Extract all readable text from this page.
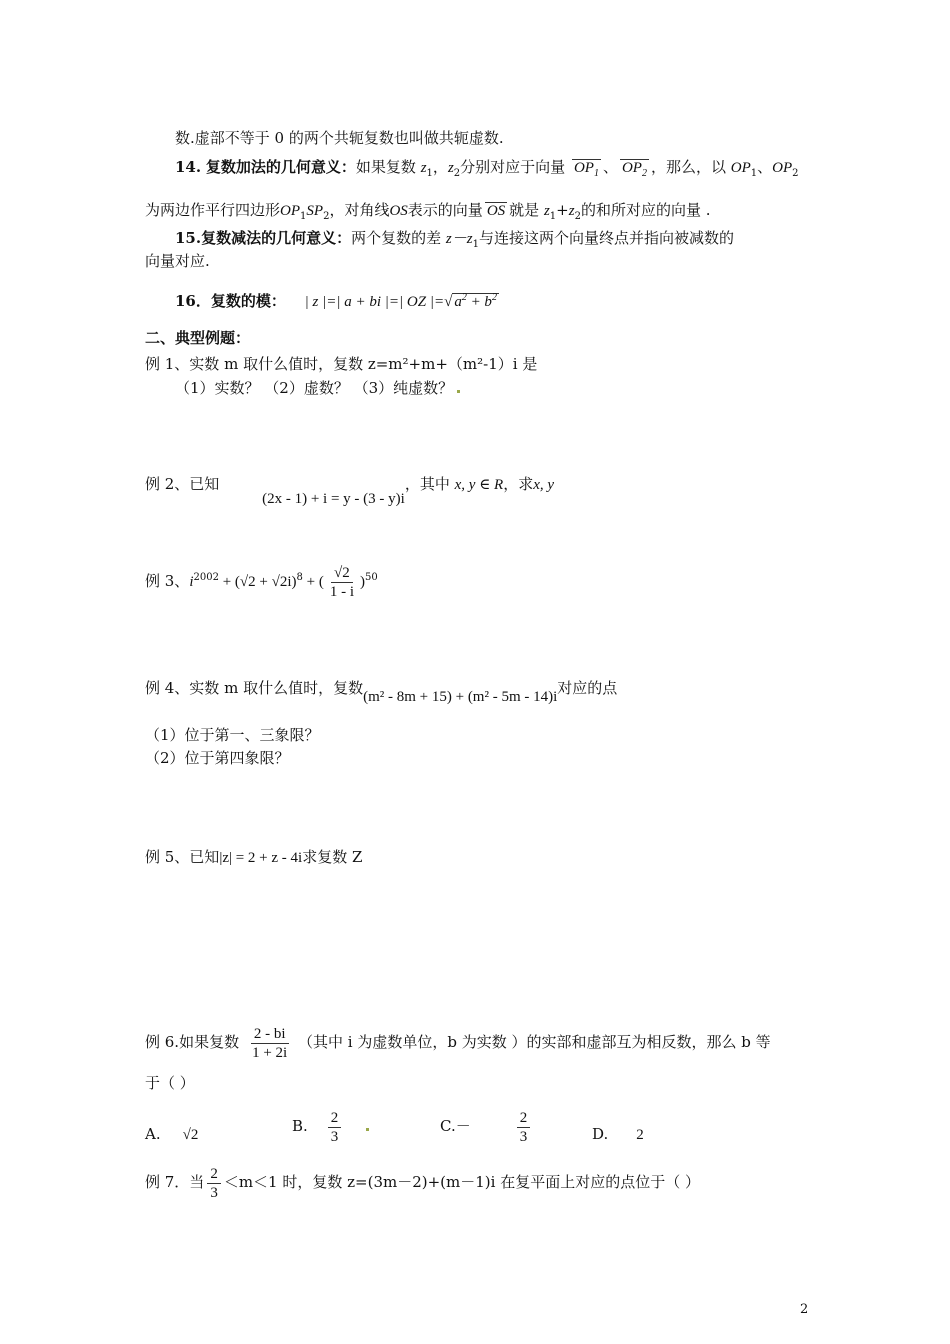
数.虚部不等于 0 的两个共轭复数也叫做共轭虚数.
14. 复数加法的几何意义：如果复数 $z_1$，$z_2$分别对应于向量 $OP_1$ 、 $OP_2$ ，那么，以 $OP_1$、$OP_2$
为两边作平行四边形$OP_1SP_2$，对角线OS表示的向量 OS 就是 $z_1+z_2$的和所对应的向量 .
15.复数减法的几何意义：两个复数的差 $z-z_1$与连接这两个向量终点并指向被减数的
向量对应.
16．复数的模： | z |=| a + bi |=| OZ |=√ $a^2 + b^2$
二、典型例题：
例 1、实数 m 取什么值时，复数 z=m²+m+（m²-1）i 是
（1）实数？ （2）虚数？ （3）纯虚数？
例 2、已知 (2x - 1) + i = y - (3 - y)i，其中 x, y ∈ R，求x, y
例 3、$i^{2002} + (√2 + √2i)^8$ + ( $\frac{√2}{1 - i} )^{50}$
例 4、实数 m 取什么值时，复数(m² - 8m + 15) + (m² - 5m - 14)i对应的点
（1）位于第一、三象限？
（2）位于第四象限？
例 5、已知|z| = 2 + z - 4i求复数 Z
例 6.如果复数 $\frac{2 - bi}{1 + 2i}$ （其中 i 为虚数单位，b 为实数 ）的实部和虚部互为相反数，那么 b 等
于（ ）
A. √2	B. $\frac{2}{3}$	C.－	$\frac{2}{3}$	D. 2
例 7．当 $\frac{2}{3} <m<1$ 时，复数 z=(3m－2)+(m－1)i 在复平面上对应的点位于（ ）
2
